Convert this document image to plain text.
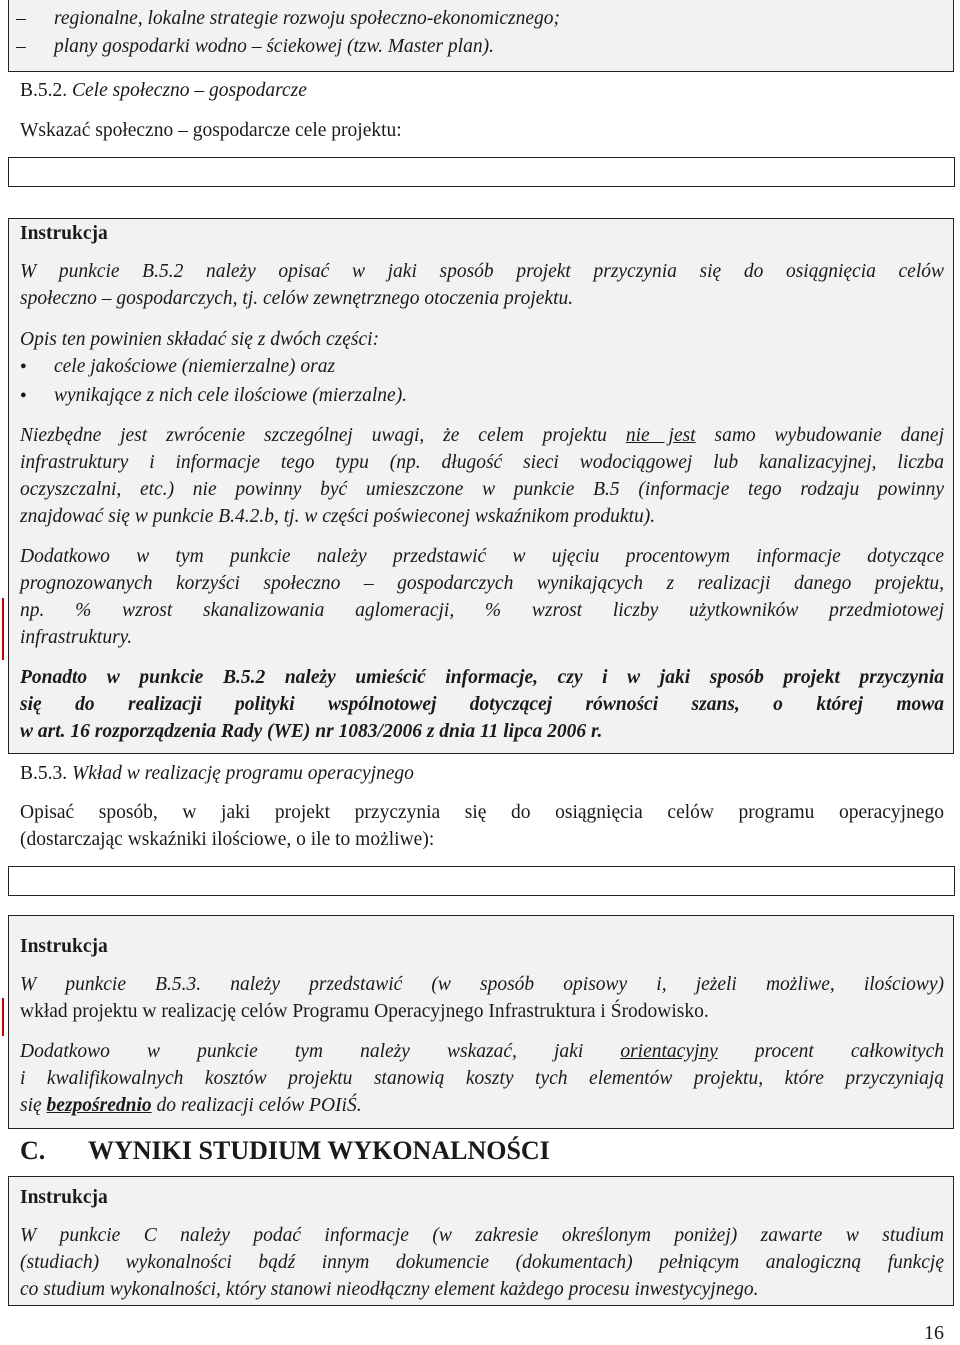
– regionalne, lokalne strategie rozwoju społeczno-ekonomicznego;
– plany gospodarki wodno – ściekowej (tzw. Master plan).
B.5.2. Cele społeczno – gospodarcze
Wskazać społeczno – gospodarcze cele projektu:
Instrukcja
W punkcie B.5.2 należy opisać w jaki sposób projekt przyczynia się do osiągnięcia celów
społeczno – gospodarczych, tj. celów zewnętrznego otoczenia projektu.
Opis ten powinien składać się z dwóch części:
● cele jakościowe (niemierzalne) oraz
● wynikające z nich cele ilościowe (mierzalne).
Niezbędne jest zwrócenie szczególnej uwagi, że celem projektu nie jest samo wybudowanie danej
infrastruktury i informacje tego typu (np. długość sieci wodociągowej lub kanalizacyjnej, liczba
oczyszczalni, etc.) nie powinny być umieszczone w punkcie B.5 (informacje tego rodzaju powinny
znajdować się w punkcie B.4.2.b, tj. w części poświeconej wskaźnikom produktu).
Dodatkowo w tym punkcie należy przedstawić w ujęciu procentowym informacje dotyczące
prognozowanych korzyści społeczno – gospodarczych wynikających z realizacji danego projektu,
np. % wzrost skanalizowania aglomeracji, % wzrost liczby użytkowników przedmiotowej
infrastruktury.
Ponadto w punkcie B.5.2 należy umieścić informacje, czy i w jaki sposób projekt przyczynia
się do realizacji polityki wspólnotowej dotyczącej równości szans, o której mowa
w art. 16 rozporządzenia Rady (WE) nr 1083/2006 z dnia 11 lipca 2006 r.
B.5.3. Wkład w realizację programu operacyjnego
Opisać sposób, w jaki projekt przyczynia się do osiągnięcia celów programu operacyjnego
(dostarczając wskaźniki ilościowe, o ile to możliwe):
Instrukcja
W punkcie B.5.3. należy przedstawić (w sposób opisowy i, jeżeli możliwe, ilościowy)
wkład projektu w realizację celów Programu Operacyjnego Infrastruktura i Środowisko.
Dodatkowo w punkcie tym należy wskazać, jaki orientacyjny procent całkowitych
i kwalifikowalnych kosztów projektu stanowią koszty tych elementów projektu, które przyczyniają
się bezpośrednio do realizacji celów POIiŚ.
C. WYNIKI STUDIUM WYKONALNOŚCI
Instrukcja
W punkcie C należy podać informacje (w zakresie określonym poniżej) zawarte w studium
(studiach) wykonalności bądź innym dokumencie (dokumentach) pełniącym analogiczną funkcję
co studium wykonalności, który stanowi nieodłączny element każdego procesu inwestycyjnego.
16
